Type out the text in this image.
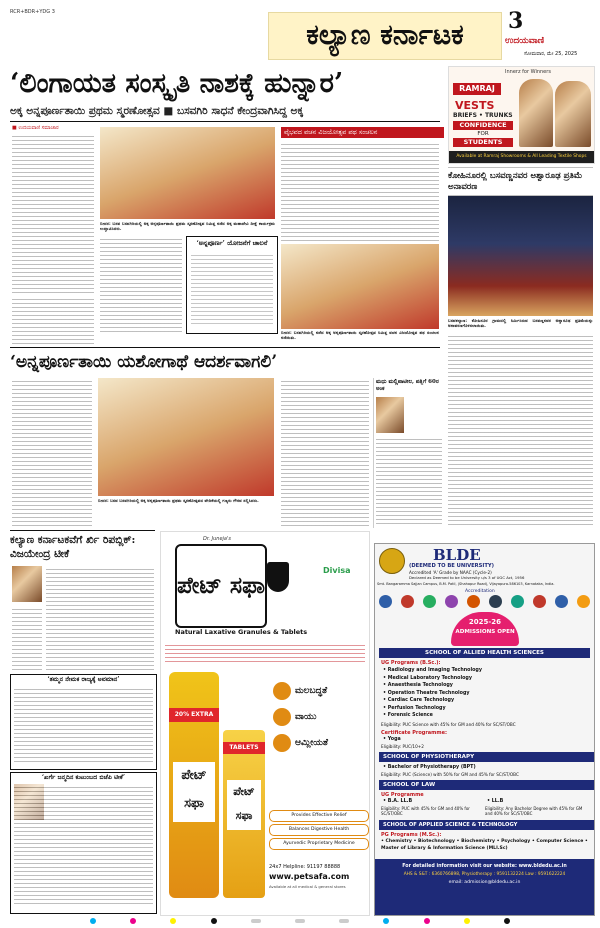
RCR+BDR+YDG 3
ಕಲ್ಯಾಣ ಕರ್ನಾಟಕ	3
ಉದಯವಾಣಿ
ಸೋಮವಾರ, ಮೇ 25, 2025
‘ಲಿಂಗಾಯತ ಸಂಸ್ಕೃತಿ ನಾಶಕ್ಕೆ ಹುನ್ನಾರ’
ಅಕ್ಕ ಅನ್ನಪೂರ್ಣತಾಯಿ ಪ್ರಥಮ ಸ್ಮರಣೋತ್ಸವ ■ ಬಸವಗಿರಿ ಸಾಧನೆ ಕೇಂದ್ರವಾಗಿಸಿದ್ದ ಅಕ್ಕ
Innerz for Winners
RAMRAJ
VESTS
BRIEFS • TRUNKS
CONFIDENCE
FOR
STUDENTS
Available at Ramraj Showrooms & All Leading Textile Shops
■ ಉದಯವಾಣಿ ಸಮಾಚಾರ
ಬೀದರ: ಬಸವ ಬಸವಗಿರಿಯಲ್ಲಿ ಅಕ್ಕ ಅನ್ನಪೂರ್ಣತಾಯಿ ಪ್ರಥಮ ಸ್ಮರಣೋತ್ಸವ ನಿಮಿತ್ತ ನಡೆದ ಅಕ್ಕ ಮಹಾದೇವಿ ದೀಕ್ಷೆ ಕಾರ್ಯಕ್ರಮ ಉದ್ಘಾಟಿಸಿದರು.
‘ಅನ್ನಪೂರ್ಣ’ ಯೋಜನೆಗೆ ಚಾಲನೆ
ವೈಭವದ ವಚನ ವಿಜಯೋತ್ಸವ ಪಥ ಸಂಚಲನ
ಬೀದರ: ಬಸವಗಿರಿಯಲ್ಲಿ ನಡೆದ ಅಕ್ಕ ಅನ್ನಪೂರ್ಣತಾಯಿ ಸ್ಮರಣೋತ್ಸವ ನಿಮಿತ್ತ ವಚನ ವಿಜಯೋತ್ಸವ ಪಥ ಸಂಚಲನ ನಡೆಯಿತು.
ಕೋಹಿನೂರಲ್ಲಿ ಬಸವಣ್ಣನವರ ಅಶ್ವಾರೂಢ ಪ್ರತಿಮೆ ಅನಾವರಣ
ಬಸವಕಲ್ಯಾಣ: ಕೋಹಿನೂರ ಗ್ರಾಮದಲ್ಲಿ ನಿರ್ಮಿಸಿರುವ ಬಸವಣ್ಣನವರ ಅಶ್ವಾರೂಢ ಪ್ರತಿಮೆಯನ್ನು ಅನಾವರಣಗೊಳಿಸಲಾಯಿತು.
‘ಅನ್ನಪೂರ್ಣತಾಯಿ ಯಶೋಗಾಥೆ ಆದರ್ಶವಾಗಲಿ’
ಬೀದರ: ಬಸವ ಬಸವಗಿರಿಯಲ್ಲಿ ಅಕ್ಕ ಅನ್ನಪೂರ್ಣತಾಯಿ ಪ್ರಥಮ ಸ್ಮರಣೋತ್ಸವದ ವೇದಿಕೆಯಲ್ಲಿ ಗಣ್ಯರು ಗೌರವ ಸಲ್ಲಿಸಿದರು.
ಮಧು ಮಲ್ಲಿಪಾಟೀಲ, ಪತ್ನಿಗೆ 60ರ ಅಂಕ
ಕಲ್ಯಾಣ ಕರ್ನಾಟಕವೆಗೆ ರ್ಖಿ ರಿಪಬ್ಲಿಕ್‌: ವಿಜಯೇಂದ್ರ ಟೀಕೆ
‘ತಮ್ಮನ ನೇಮಕ ರಾಜ್ಯಕ್ಕೆ ಅವಮಾನ’
‘ಖರ್ಗೆ ಜನ್ಮದಿನ ಕುಟುಂಬದ ಬಿಜೆಪಿ ಟೀಕೆ’
Dr. Juneja's
Divisa
ಪೇಟ್ ಸಫಾ
Natural Laxative Granules & Tablets
20% EXTRA
ಪೇಟ್ ಸಫಾ
TABLETS
ಪೇಟ್ ಸಫಾ
ಮಲಬದ್ಧತೆ
ವಾಯು
ಆಮ್ಲೀಯತೆ
Provides Effective Relief
Balances Digestive Health
Ayurvedic Proprietary Medicine
24x7 Helpline: 91197 88888
www.petsafa.com
Available at all medical & general stores
BLDE
(DEEMED TO BE UNIVERSITY)
Accredited 'A' Grade by NAAC (Cycle-2)
Declared as Deemed to be University u/s 3 of UGC Act, 1956
Smt. Bangaramma Sajjan Campus, B.M. Patil, (Shahapur Road), Vijayapura-586103, Karnataka, India.
Accreditation
2025-26
ADMISSIONS OPEN
SCHOOL OF ALLIED HEALTH SCIENCES
UG Programs (B.Sc.):
• Radiology and Imaging Technology
• Medical Laboratory Technology
• Anaesthesia Technology
• Operation Theatre Technology
• Cardiac Care Technology
• Perfusion Technology
• Forensic Science
Eligibility: PUC Science with 45% for GM and 40% for SC/ST/OBC
Certificate Programme:
• Yoga
Eligibility: PUC/10+2
SCHOOL OF PHYSIOTHERAPY
• Bachelor of Physiotherapy (BPT)
Eligibility: PUC (Science) with 50% for GM and 45% for SC/ST/OBC
SCHOOL OF LAW
UG Programme
• B.A. LL.B	• LL.B
Eligibility: PUC with 45% for GM and 40% for SC/ST/OBC
Eligibility: Any Bachelor Degree with 45% for GM and 40% for SC/ST/OBC
SCHOOL OF APPLIED SCIENCE & TECHNOLOGY
PG Programs (M.Sc.):
• Chemistry • Biotechnology • Biochemistry • Psychology • Computer Science • Master of Library & Information Science (MLI.Sc)
For detailed information visit our website: www.bldedu.ac.in
AHS & S&T : 6360766898, Physiotherapy : 9591132224 Law : 9591622224
email: admission@bldedu.ac.in
